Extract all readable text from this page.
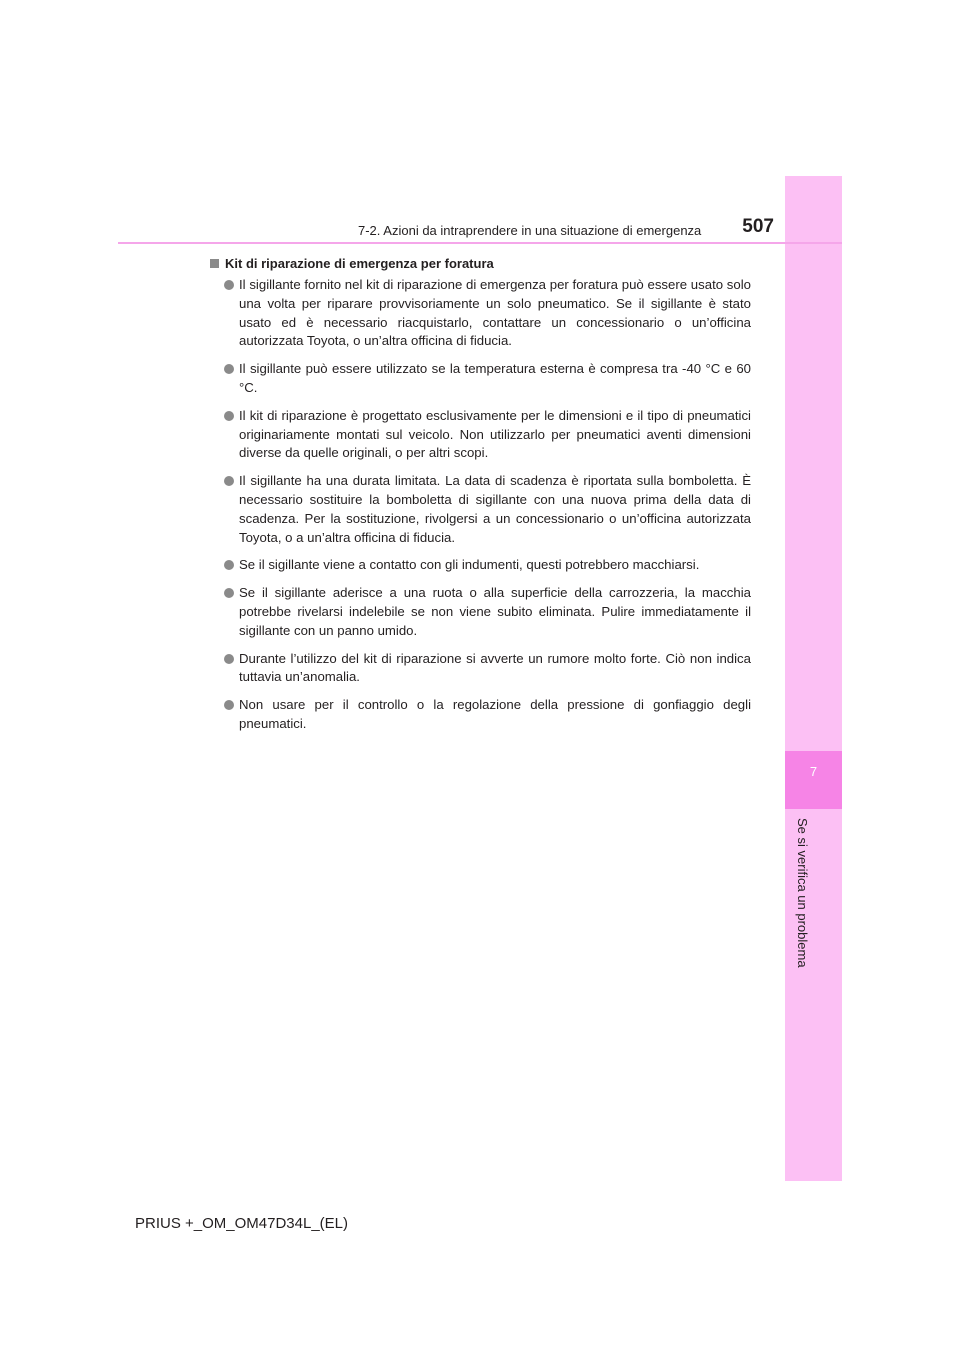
7
Se si verifica un problema
7-2. Azioni da intraprendere in una situazione di emergenza	507
Kit di riparazione di emergenza per foratura
Il sigillante fornito nel kit di riparazione di emergenza per foratura può essere usato solo una volta per riparare provvisoriamente un solo pneumatico. Se il sigillante è stato usato ed è necessario riacquistarlo, contattare un concessionario o un’officina autorizzata Toyota, o un’altra officina di fiducia.
Il sigillante può essere utilizzato se la temperatura esterna è compresa tra -40 °C e 60 °C.
Il kit di riparazione è progettato esclusivamente per le dimensioni e il tipo di pneumatici originariamente montati sul veicolo. Non utilizzarlo per pneumatici aventi dimensioni diverse da quelle originali, o per altri scopi.
Il sigillante ha una durata limitata. La data di scadenza è riportata sulla bomboletta. È necessario sostituire la bomboletta di sigillante con una nuova prima della data di scadenza. Per la sostituzione, rivolgersi a un concessionario o un’officina autorizzata Toyota, o a un’altra officina di fiducia.
Se il sigillante viene a contatto con gli indumenti, questi potrebbero macchiarsi.
Se il sigillante aderisce a una ruota o alla superficie della carrozzeria, la macchia potrebbe rivelarsi indelebile se non viene subito eliminata. Pulire immediatamente il sigillante con un panno umido.
Durante l’utilizzo del kit di riparazione si avverte un rumore molto forte. Ciò non indica tuttavia un’anomalia.
Non usare per il controllo o la regolazione della pressione di gonfiaggio degli pneumatici.
PRIUS +_OM_OM47D34L_(EL)
